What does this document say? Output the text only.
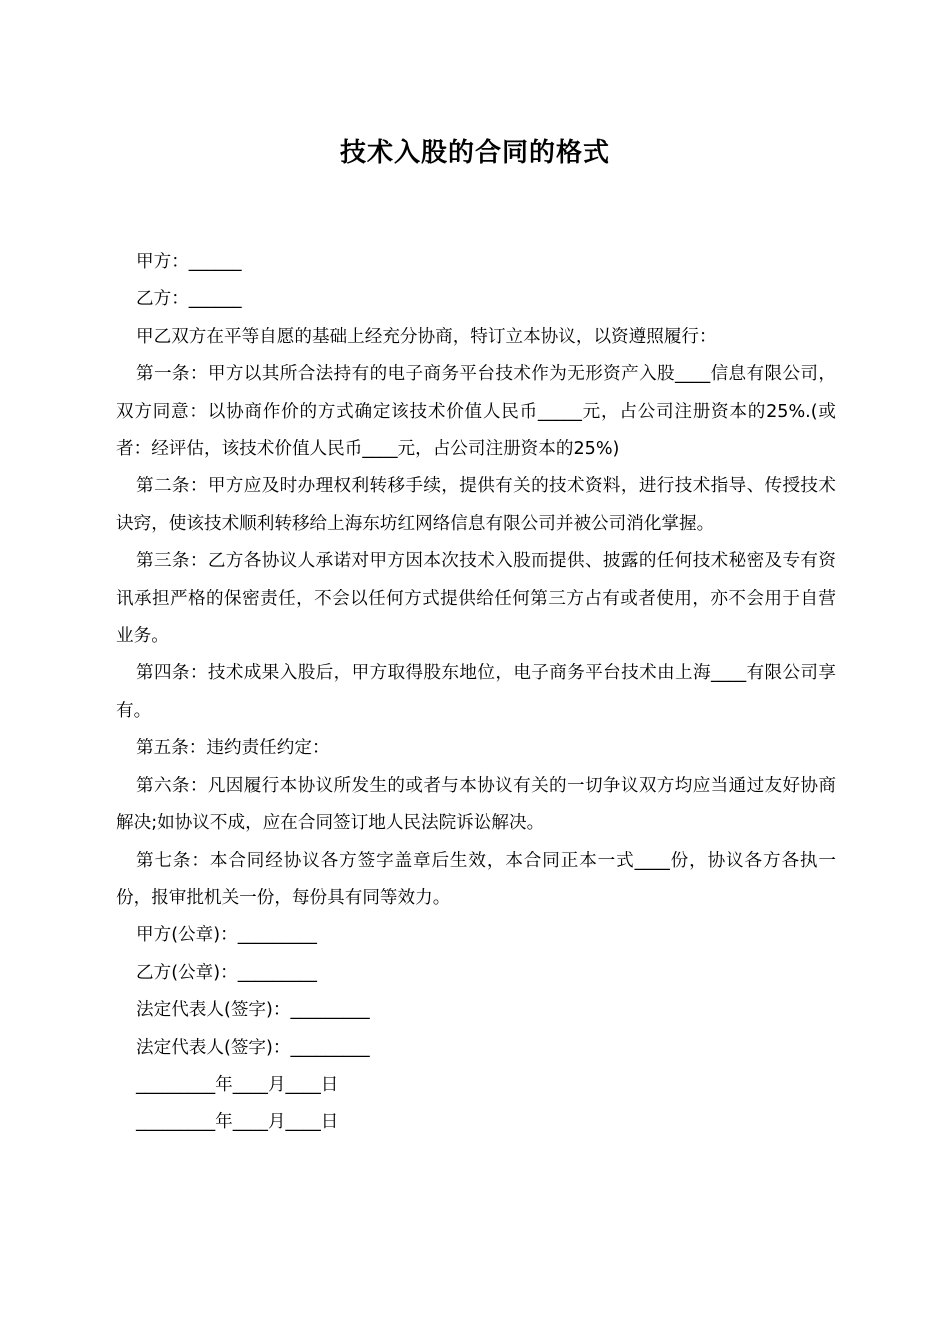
技术入股的合同的格式

甲方：______

乙方：______

甲乙双方在平等自愿的基础上经充分协商，特订立本协议，以资遵照履行：

第一条：甲方以其所合法持有的电子商务平台技术作为无形资产入股____信息有限公司，双方同意：以协商作价的方式确定该技术价值人民币_____元，占公司注册资本的25%.(或者：经评估，该技术价值人民币____元，占公司注册资本的25%)

第二条：甲方应及时办理权利转移手续，提供有关的技术资料，进行技术指导、传授技术诀窍，使该技术顺利转移给上海东坊红网络信息有限公司并被公司消化掌握。

第三条：乙方各协议人承诺对甲方因本次技术入股而提供、披露的任何技术秘密及专有资讯承担严格的保密责任，不会以任何方式提供给任何第三方占有或者使用，亦不会用于自营业务。

第四条：技术成果入股后，甲方取得股东地位，电子商务平台技术由上海____有限公司享有。

第五条：违约责任约定：

第六条：凡因履行本协议所发生的或者与本协议有关的一切争议双方均应当通过友好协商解决;如协议不成，应在合同签订地人民法院诉讼解决。

第七条：本合同经协议各方签字盖章后生效，本合同正本一式____份，协议各方各执一份，报审批机关一份，每份具有同等效力。

甲方(公章)：_________

乙方(公章)：_________

法定代表人(签字)：_________

法定代表人(签字)：_________

_________年____月____日

_________年____月____日
